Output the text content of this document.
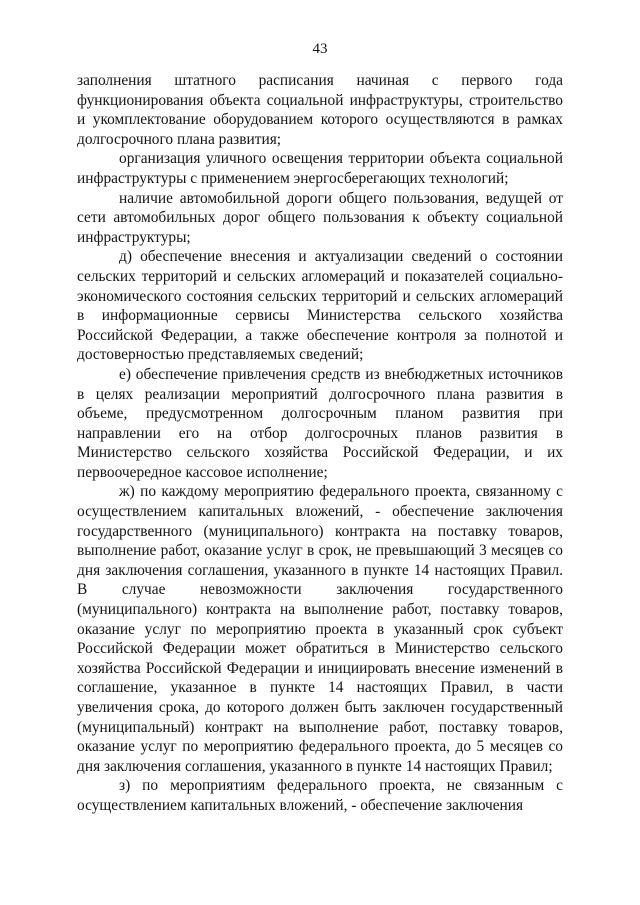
43

заполнения штатного расписания начиная с первого года функционирования объекта социальной инфраструктуры, строительство и укомплектование оборудованием которого осуществляются в рамках долгосрочного плана развития;

организация уличного освещения территории объекта социальной инфраструктуры с применением энергосберегающих технологий;

наличие автомобильной дороги общего пользования, ведущей от сети автомобильных дорог общего пользования к объекту социальной инфраструктуры;

д) обеспечение внесения и актуализации сведений о состоянии сельских территорий и сельских агломераций и показателей социально-экономического состояния сельских территорий и сельских агломераций в информационные сервисы Министерства сельского хозяйства Российской Федерации, а также обеспечение контроля за полнотой и достоверностью представляемых сведений;

е) обеспечение привлечения средств из внебюджетных источников в целях реализации мероприятий долгосрочного плана развития в объеме, предусмотренном долгосрочным планом развития при направлении его на отбор долгосрочных планов развития в Министерство сельского хозяйства Российской Федерации, и их первоочередное кассовое исполнение;

ж) по каждому мероприятию федерального проекта, связанному с осуществлением капитальных вложений, - обеспечение заключения государственного (муниципального) контракта на поставку товаров, выполнение работ, оказание услуг в срок, не превышающий 3 месяцев со дня заключения соглашения, указанного в пункте 14 настоящих Правил. В случае невозможности заключения государственного (муниципального) контракта на выполнение работ, поставку товаров, оказание услуг по мероприятию проекта в указанный срок субъект Российской Федерации может обратиться в Министерство сельского хозяйства Российской Федерации и инициировать внесение изменений в соглашение, указанное в пункте 14 настоящих Правил, в части увеличения срока, до которого должен быть заключен государственный (муниципальный) контракт на выполнение работ, поставку товаров, оказание услуг по мероприятию федерального проекта, до 5 месяцев со дня заключения соглашения, указанного в пункте 14 настоящих Правил;

з) по мероприятиям федерального проекта, не связанным с осуществлением капитальных вложений, - обеспечение заключения
